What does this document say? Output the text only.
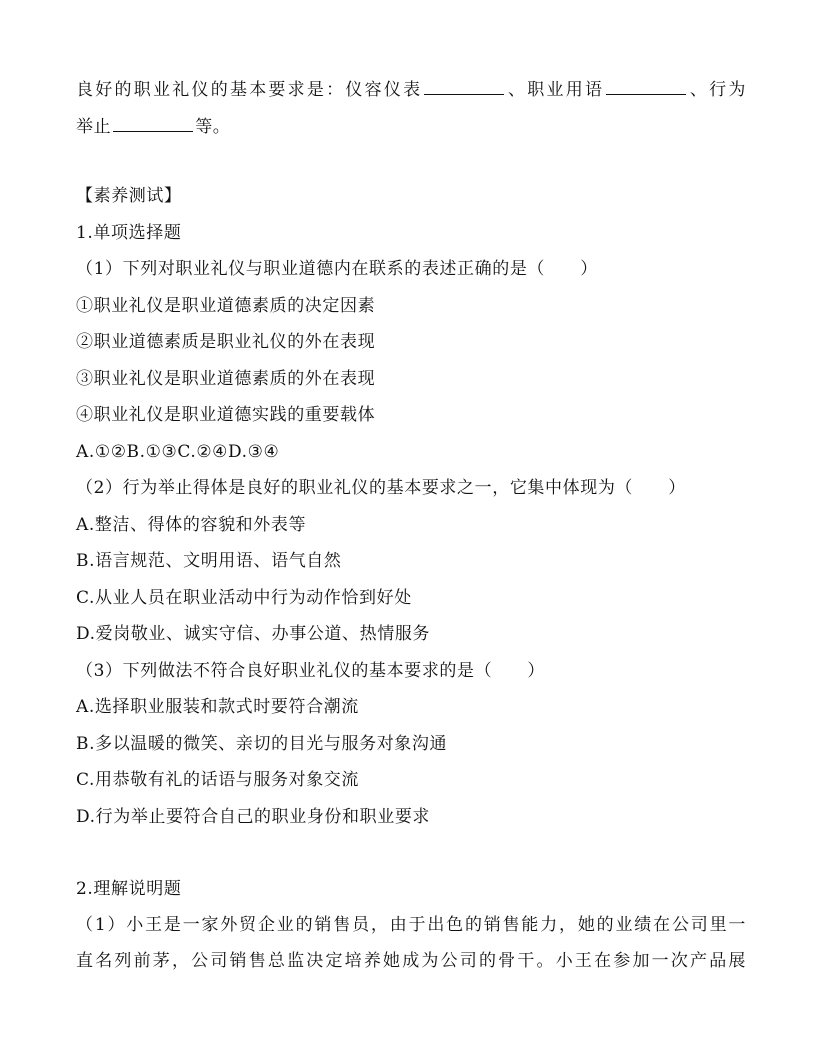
良好的职业礼仪的基本要求是：仪容仪表	、职业用语	、行为
举止	等。
【素养测试】
1.单项选择题
（1）下列对职业礼仪与职业道德内在联系的表述正确的是（　　）
①职业礼仪是职业道德素质的决定因素
②职业道德素质是职业礼仪的外在表现
③职业礼仪是职业道德素质的外在表现
④职业礼仪是职业道德实践的重要载体
A.①②B.①③C.②④D.③④
（2）行为举止得体是良好的职业礼仪的基本要求之一，它集中体现为（　　）
A.整洁、得体的容貌和外表等
B.语言规范、文明用语、语气自然
C.从业人员在职业活动中行为动作恰到好处
D.爱岗敬业、诚实守信、办事公道、热情服务
（3）下列做法不符合良好职业礼仪的基本要求的是（　　）
A.选择职业服装和款式时要符合潮流
B.多以温暖的微笑、亲切的目光与服务对象沟通
C.用恭敬有礼的话语与服务对象交流
D.行为举止要符合自己的职业身份和职业要求
2.理解说明题
（1）小王是一家外贸企业的销售员，由于出色的销售能力，她的业绩在公司里一
直名列前茅，公司销售总监决定培养她成为公司的骨干。小王在参加一次产品展
